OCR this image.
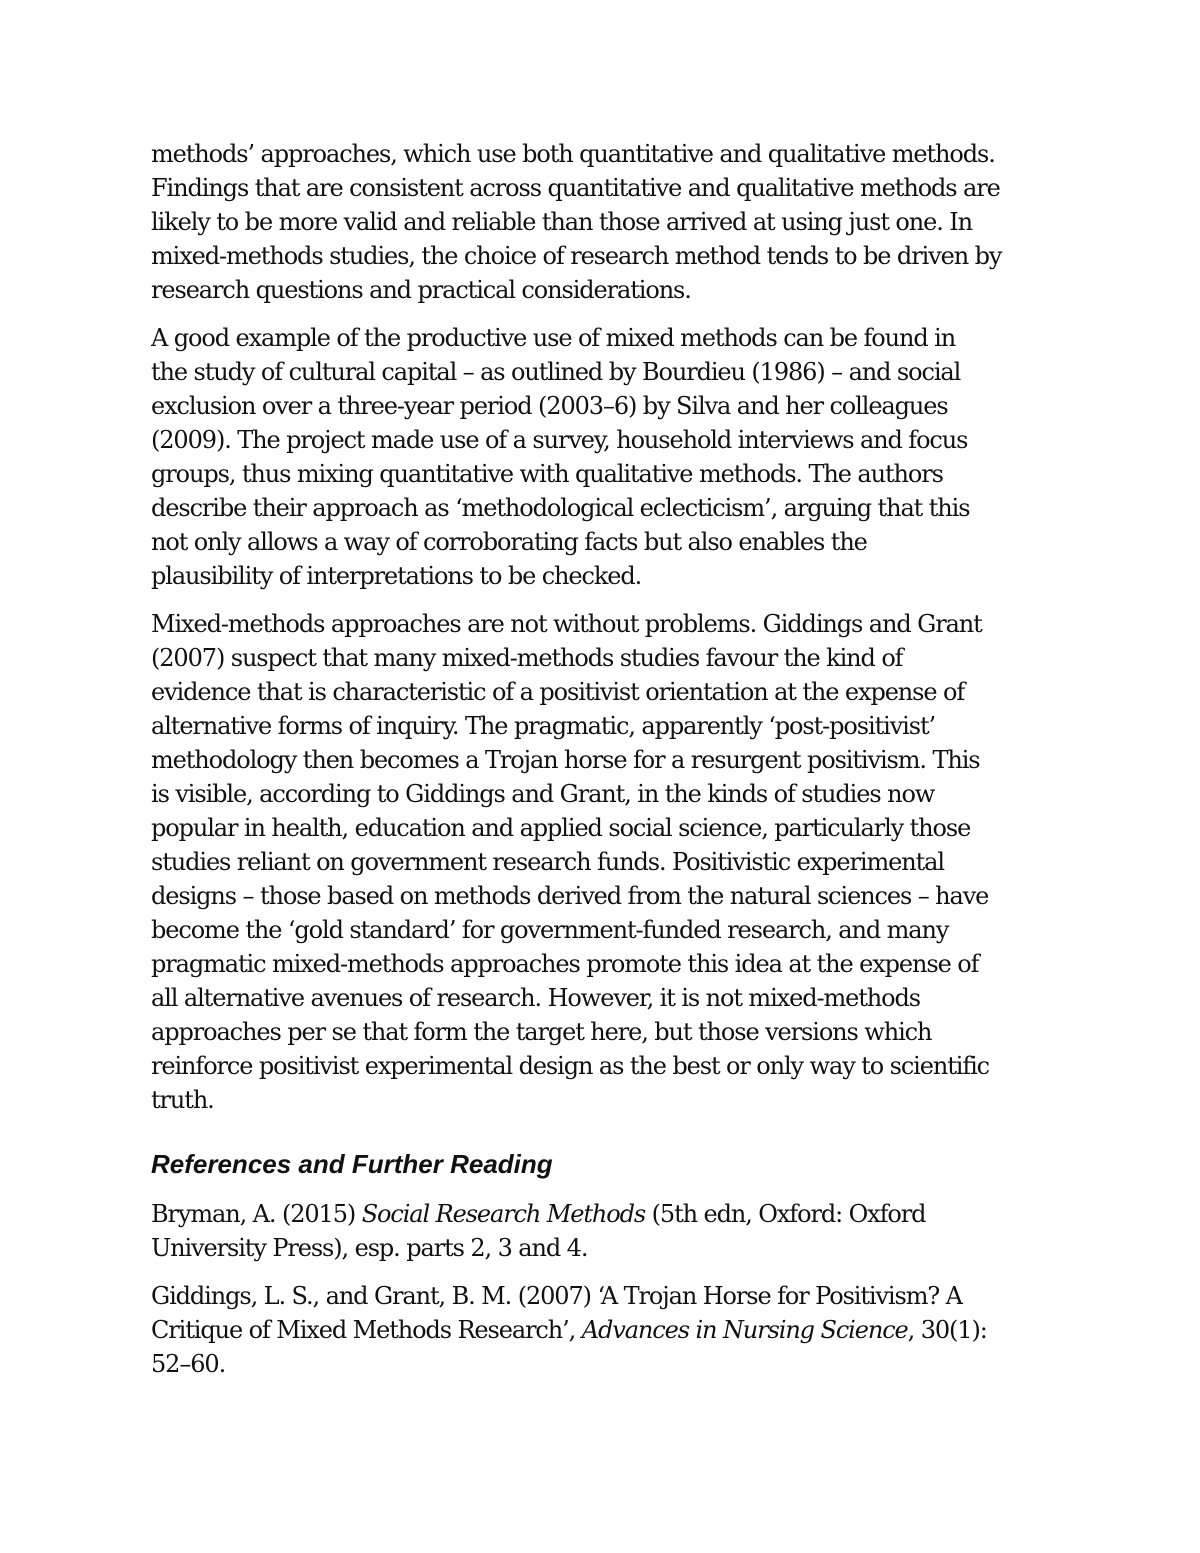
methods’ approaches, which use both quantitative and qualitative methods.
Findings that are consistent across quantitative and qualitative methods are
likely to be more valid and reliable than those arrived at using just one. In
mixed-methods studies, the choice of research method tends to be driven by
research questions and practical considerations.

A good example of the productive use of mixed methods can be found in
the study of cultural capital – as outlined by Bourdieu (1986) – and social
exclusion over a three-year period (2003–6) by Silva and her colleagues
(2009). The project made use of a survey, household interviews and focus
groups, thus mixing quantitative with qualitative methods. The authors
describe their approach as ‘methodological eclecticism’, arguing that this
not only allows a way of corroborating facts but also enables the
plausibility of interpretations to be checked.

Mixed-methods approaches are not without problems. Giddings and Grant
(2007) suspect that many mixed-methods studies favour the kind of
evidence that is characteristic of a positivist orientation at the expense of
alternative forms of inquiry. The pragmatic, apparently ‘post-positivist’
methodology then becomes a Trojan horse for a resurgent positivism. This
is visible, according to Giddings and Grant, in the kinds of studies now
popular in health, education and applied social science, particularly those
studies reliant on government research funds. Positivistic experimental
designs – those based on methods derived from the natural sciences – have
become the ‘gold standard’ for government-funded research, and many
pragmatic mixed-methods approaches promote this idea at the expense of
all alternative avenues of research. However, it is not mixed-methods
approaches per se that form the target here, but those versions which
reinforce positivist experimental design as the best or only way to scientific
truth.

References and Further Reading

Bryman, A. (2015) Social Research Methods (5th edn, Oxford: Oxford
University Press), esp. parts 2, 3 and 4.

Giddings, L. S., and Grant, B. M. (2007) ‘A Trojan Horse for Positivism? A
Critique of Mixed Methods Research’, Advances in Nursing Science, 30(1):
52–60.
